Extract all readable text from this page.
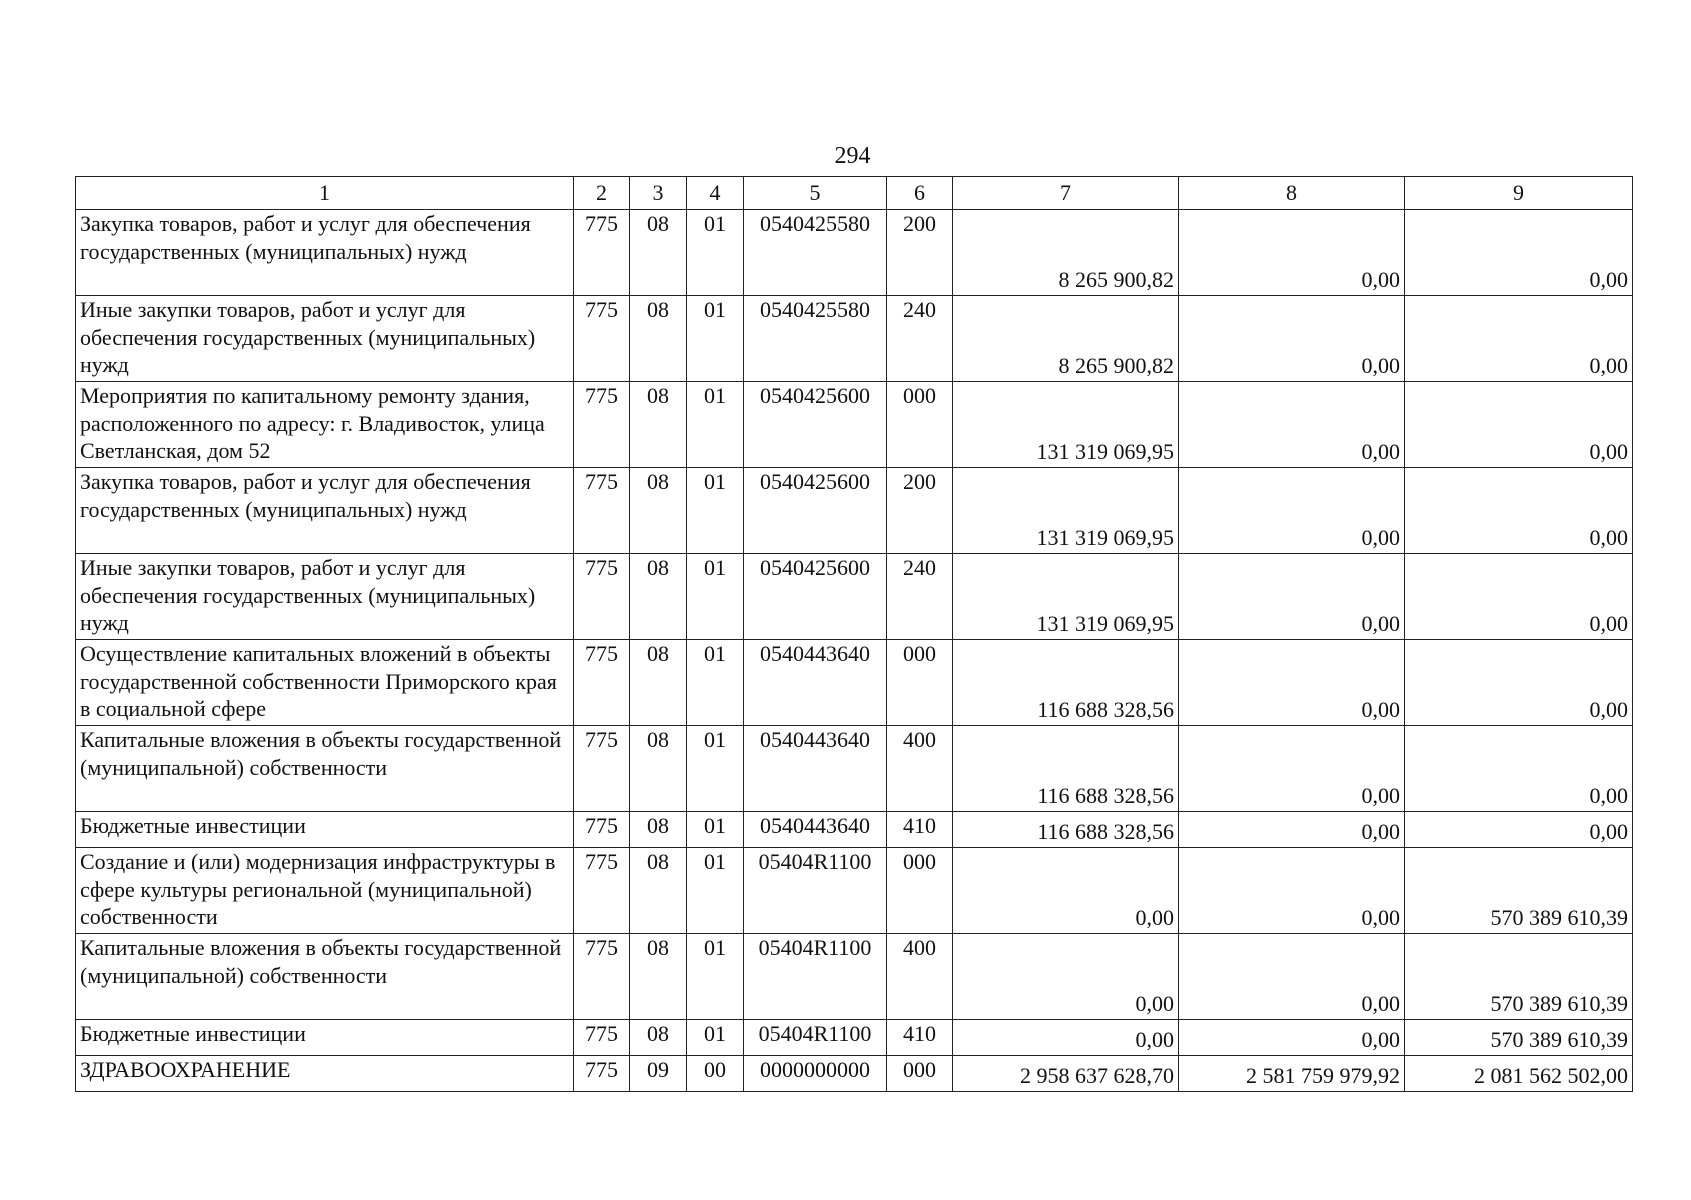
294
1	2	3	4	5	6	7	8	9
Закупка товаров, работ и услуг для обеспечения государственных (муниципальных) нужд	775	08	01	0540425580	200	8 265 900,82	0,00	0,00
Иные закупки товаров, работ и услуг для обеспечения государственных (муниципальных) нужд	775	08	01	0540425580	240	8 265 900,82	0,00	0,00
Мероприятия по капитальному ремонту здания, расположенного по адресу: г. Владивосток, улица Светланская, дом 52	775	08	01	0540425600	000	131 319 069,95	0,00	0,00
Закупка товаров, работ и услуг для обеспечения государственных (муниципальных) нужд	775	08	01	0540425600	200	131 319 069,95	0,00	0,00
Иные закупки товаров, работ и услуг для обеспечения государственных (муниципальных) нужд	775	08	01	0540425600	240	131 319 069,95	0,00	0,00
Осуществление капитальных вложений в объекты государственной собственности Приморского края в социальной сфере	775	08	01	0540443640	000	116 688 328,56	0,00	0,00
Капитальные вложения в объекты государственной (муниципальной) собственности	775	08	01	0540443640	400	116 688 328,56	0,00	0,00
Бюджетные инвестиции	775	08	01	0540443640	410	116 688 328,56	0,00	0,00
Создание и (или) модернизация инфраструктуры в сфере культуры региональной (муниципальной) собственности	775	08	01	05404R1100	000	0,00	0,00	570 389 610,39
Капитальные вложения в объекты государственной (муниципальной) собственности	775	08	01	05404R1100	400	0,00	0,00	570 389 610,39
Бюджетные инвестиции	775	08	01	05404R1100	410	0,00	0,00	570 389 610,39
ЗДРАВООХРАНЕНИЕ	775	09	00	0000000000	000	2 958 637 628,70	2 581 759 979,92	2 081 562 502,00
